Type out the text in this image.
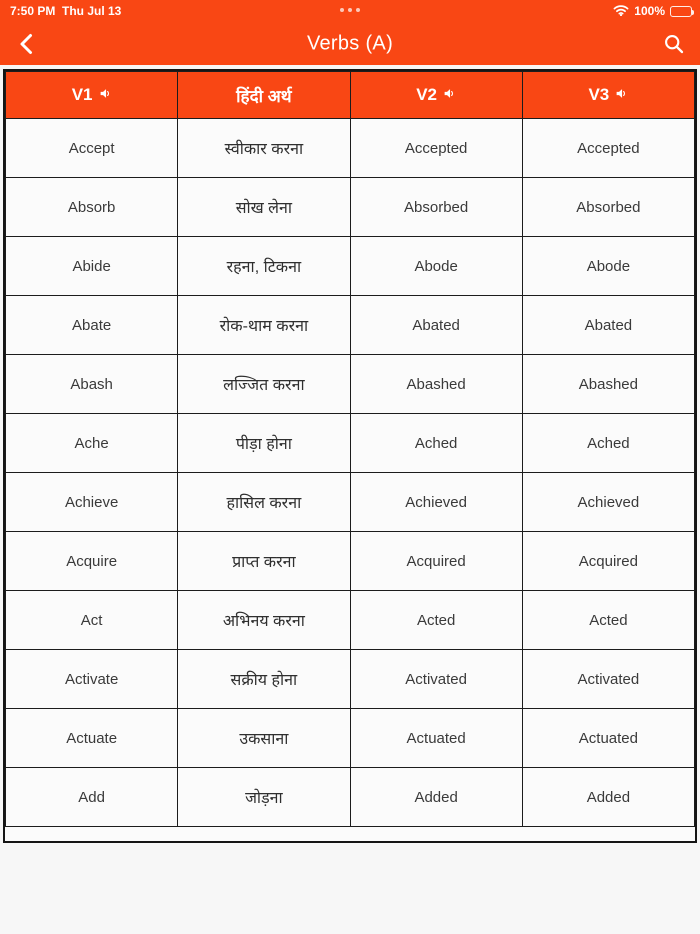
7:50 PM Thu Jul 13	100%
Verbs (A)
V1	हिंदी अर्थ	V2	V3

Accept	स्वीकार करना	Accepted	Accepted
Absorb	सोख लेना	Absorbed	Absorbed
Abide	रहना, टिकना	Abode	Abode
Abate	रोक-थाम करना	Abated	Abated
Abash	लज्जित करना	Abashed	Abashed
Ache	पीड़ा होना	Ached	Ached
Achieve	हासिल करना	Achieved	Achieved
Acquire	प्राप्त करना	Acquired	Acquired
Act	अभिनय करना	Acted	Acted
Activate	सक्रीय होना	Activated	Activated
Actuate	उकसाना	Actuated	Actuated
Add	जोड़ना	Added	Added
